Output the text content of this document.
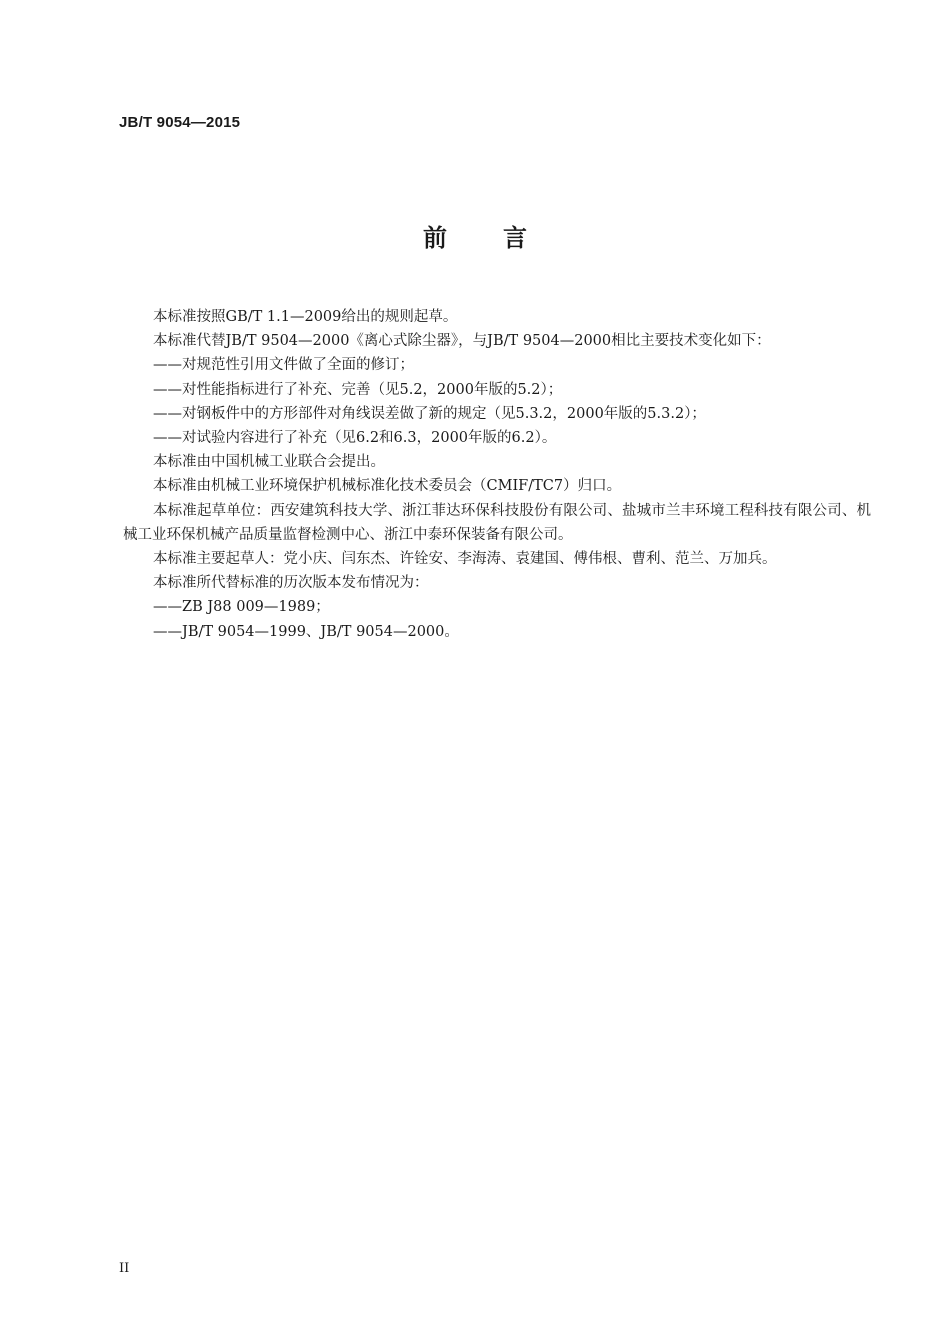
JB/T 9054—2015
前言

本标准按照GB/T 1.1—2009给出的规则起草。

本标准代替JB/T 9504—2000《离心式除尘器》，与JB/T 9504—2000相比主要技术变化如下：

——对规范性引用文件做了全面的修订；

——对性能指标进行了补充、完善（见5.2，2000年版的5.2）；

——对钢板件中的方形部件对角线误差做了新的规定（见5.3.2，2000年版的5.3.2）；

——对试验内容进行了补充（见6.2和6.3，2000年版的6.2）。

本标准由中国机械工业联合会提出。

本标准由机械工业环境保护机械标准化技术委员会（CMIF/TC7）归口。

本标准起草单位：西安建筑科技大学、浙江菲达环保科技股份有限公司、盐城市兰丰环境工程科技有限公司、机械工业环保机械产品质量监督检测中心、浙江中泰环保装备有限公司。

本标准主要起草人：党小庆、闫东杰、许铨安、李海涛、袁建国、傅伟根、曹利、范兰、万加兵。

本标准所代替标准的历次版本发布情况为：

——ZB J88 009—1989；

——JB/T 9054—1999、JB/T 9054—2000。

II
